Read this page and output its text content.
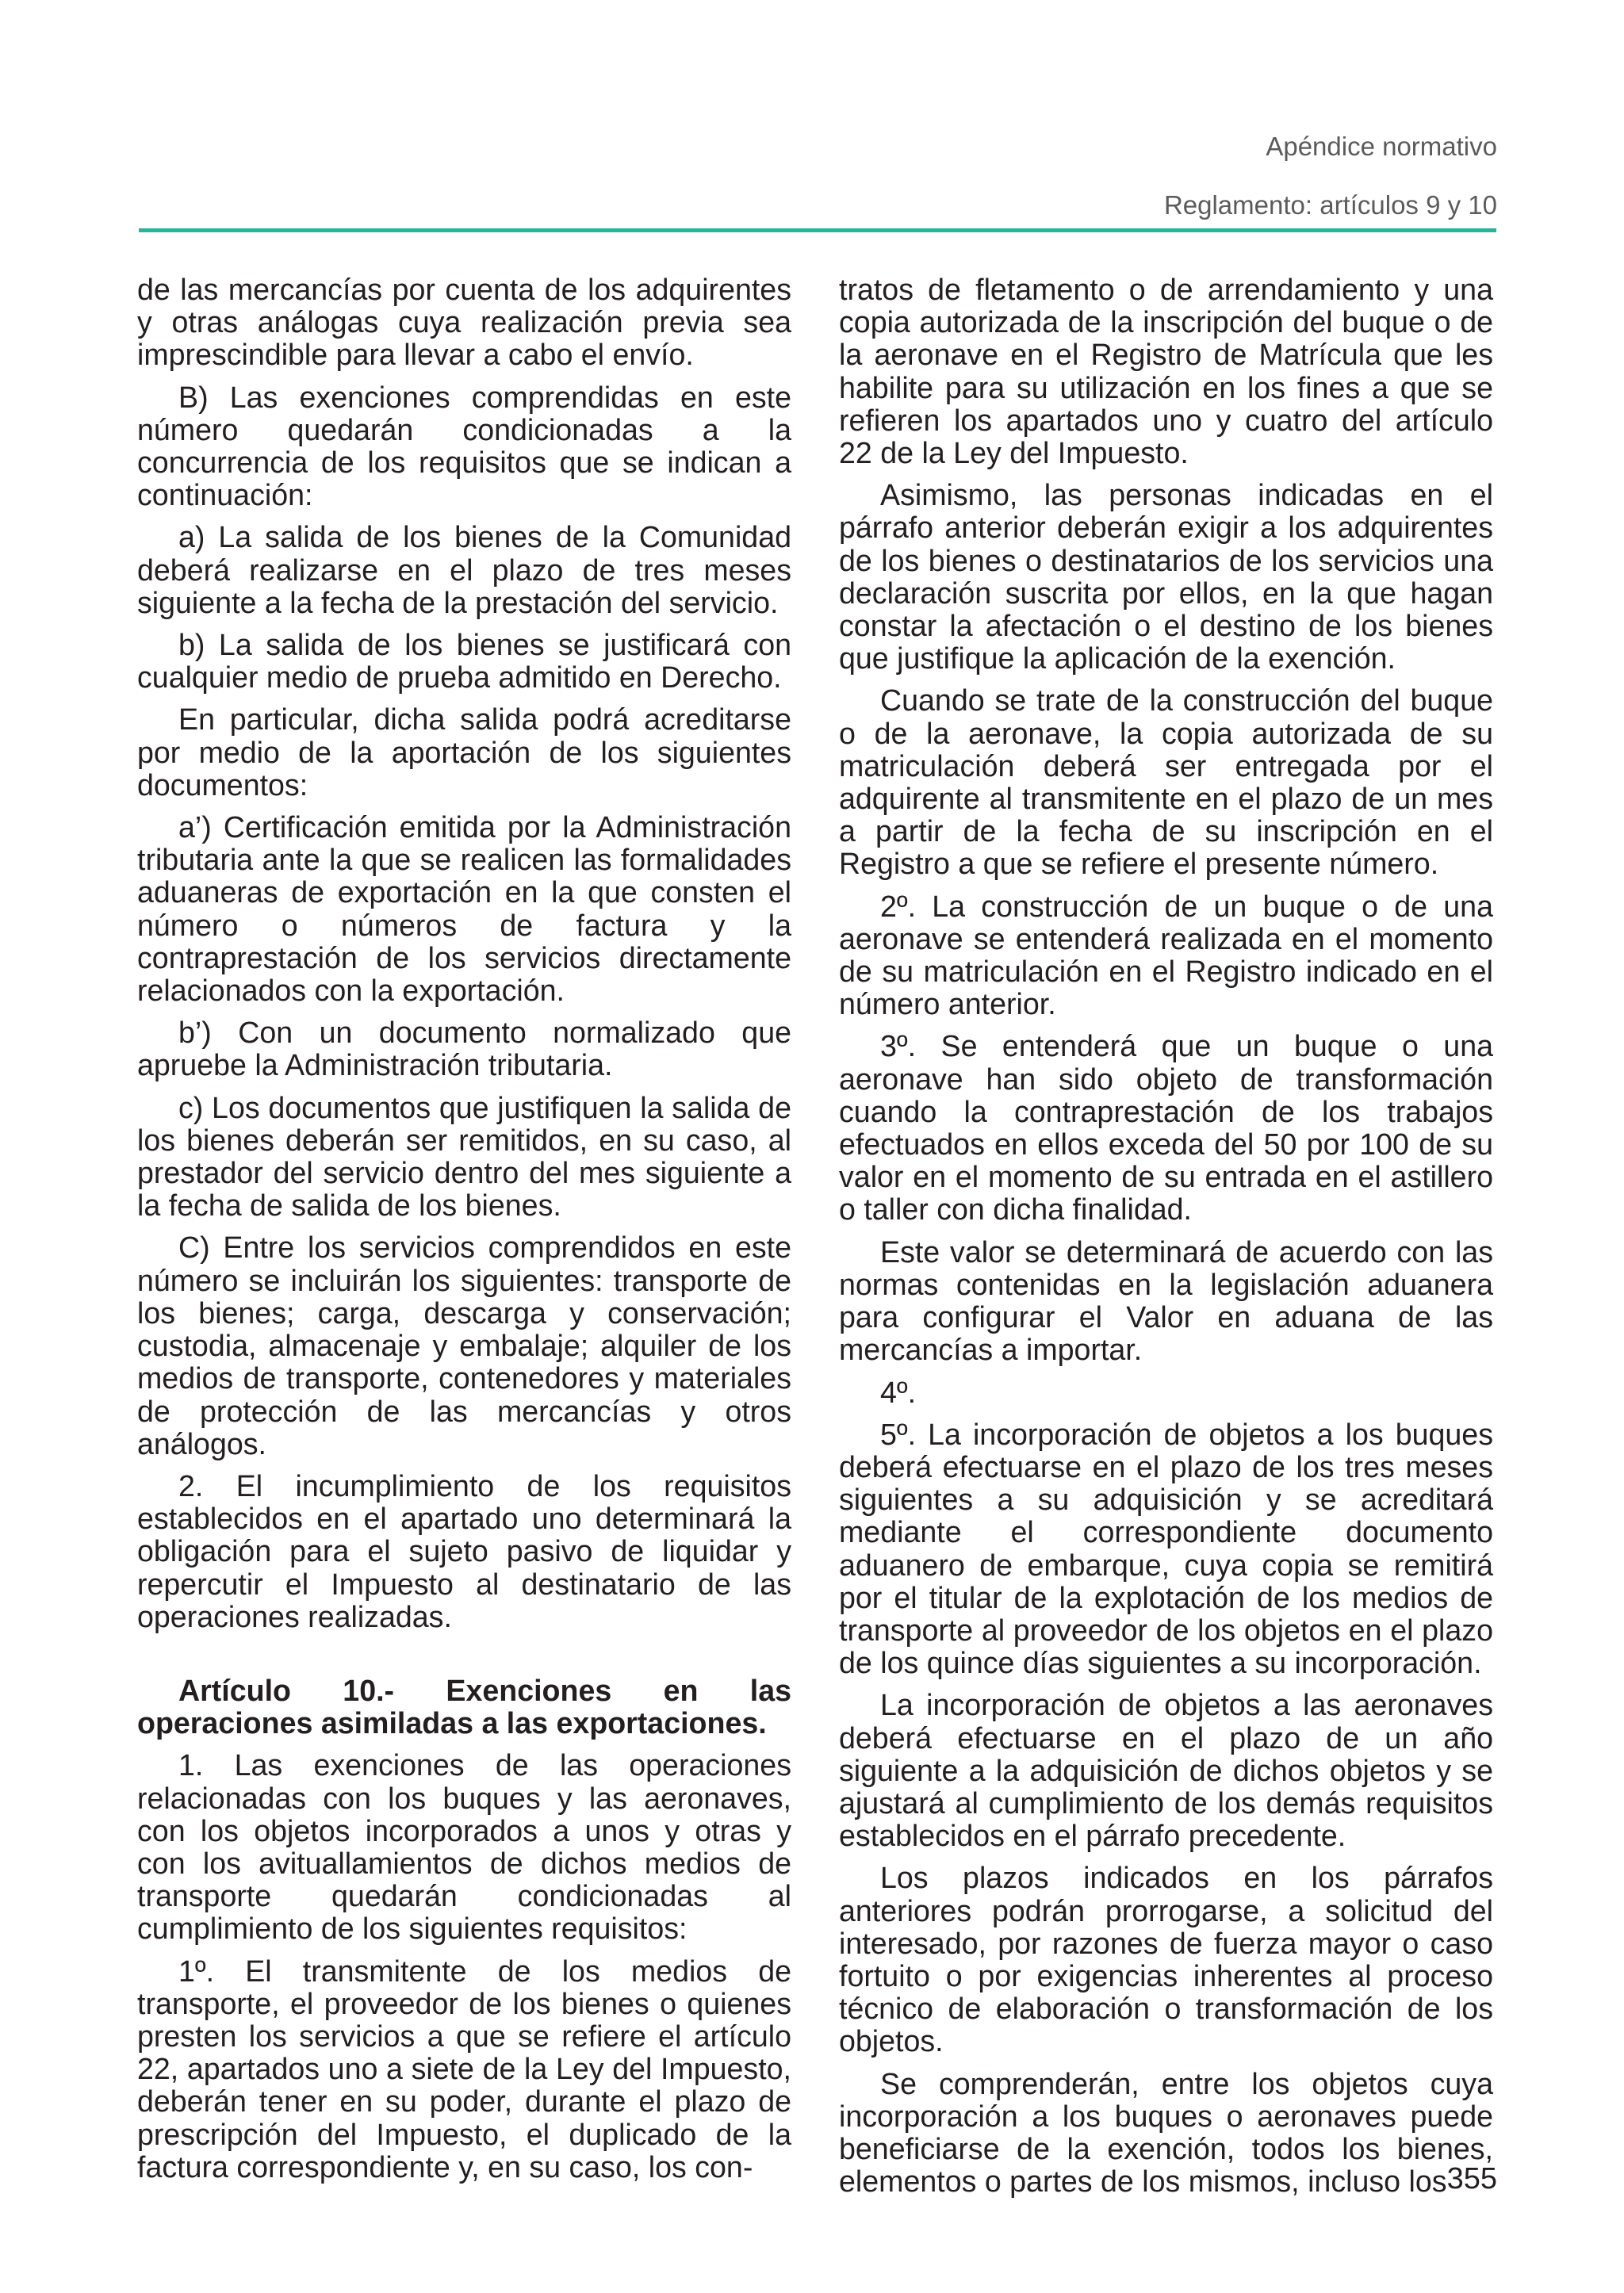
Apéndice normativo
Reglamento: artículos 9 y 10

de las mercancías por cuenta de los adquirentes y otras análogas cuya realización previa sea imprescindible para llevar a cabo el envío.

B) Las exenciones comprendidas en este número quedarán condicionadas a la concurrencia de los requisitos que se indican a continuación:

a) La salida de los bienes de la Comunidad deberá realizarse en el plazo de tres meses siguiente a la fecha de la prestación del servicio.

b) La salida de los bienes se justificará con cualquier medio de prueba admitido en Derecho.

En particular, dicha salida podrá acreditarse por medio de la aportación de los siguientes documentos:

a’) Certificación emitida por la Administración tributaria ante la que se realicen las formalidades aduaneras de exportación en la que consten el número o números de factura y la contraprestación de los servicios directamente relacionados con la exportación.

b’) Con un documento normalizado que apruebe la Administración tributaria.

c) Los documentos que justifiquen la salida de los bienes deberán ser remitidos, en su caso, al prestador del servicio dentro del mes siguiente a la fecha de salida de los bienes.

C) Entre los servicios comprendidos en este número se incluirán los siguientes: transporte de los bienes; carga, descarga y conservación; custodia, almacenaje y embalaje; alquiler de los medios de transporte, contenedores y materiales de protección de las mercancías y otros análogos.

2. El incumplimiento de los requisitos establecidos en el apartado uno determinará la obligación para el sujeto pasivo de liquidar y repercutir el Impuesto al destinatario de las operaciones realizadas.

Artículo 10.- Exenciones en las operaciones asimiladas a las exportaciones.

1. Las exenciones de las operaciones relacionadas con los buques y las aeronaves, con los objetos incorporados a unos y otras y con los avituallamientos de dichos medios de transporte quedarán condicionadas al cumplimiento de los siguientes requisitos:

1º. El transmitente de los medios de transporte, el proveedor de los bienes o quienes presten los servicios a que se refiere el artículo 22, apartados uno a siete de la Ley del Impuesto, deberán tener en su poder, durante el plazo de prescripción del Impuesto, el duplicado de la factura correspondiente y, en su caso, los con-

tratos de fletamento o de arrendamiento y una copia autorizada de la inscripción del buque o de la aeronave en el Registro de Matrícula que les habilite para su utilización en los fines a que se refieren los apartados uno y cuatro del artículo 22 de la Ley del Impuesto.

Asimismo, las personas indicadas en el párrafo anterior deberán exigir a los adquirentes de los bienes o destinatarios de los servicios una declaración suscrita por ellos, en la que hagan constar la afectación o el destino de los bienes que justifique la aplicación de la exención.

Cuando se trate de la construcción del buque o de la aeronave, la copia autorizada de su matriculación deberá ser entregada por el adquirente al transmitente en el plazo de un mes a partir de la fecha de su inscripción en el Registro a que se refiere el presente número.

2º. La construcción de un buque o de una aeronave se entenderá realizada en el momento de su matriculación en el Registro indicado en el número anterior.

3º. Se entenderá que un buque o una aeronave han sido objeto de transformación cuando la contraprestación de los trabajos efectuados en ellos exceda del 50 por 100 de su valor en el momento de su entrada en el astillero o taller con dicha finalidad.

Este valor se determinará de acuerdo con las normas contenidas en la legislación aduanera para configurar el Valor en aduana de las mercancías a importar.

4º.

5º. La incorporación de objetos a los buques deberá efectuarse en el plazo de los tres meses siguientes a su adquisición y se acreditará mediante el correspondiente documento aduanero de embarque, cuya copia se remitirá por el titular de la explotación de los medios de transporte al proveedor de los objetos en el plazo de los quince días siguientes a su incorporación.

La incorporación de objetos a las aeronaves deberá efectuarse en el plazo de un año siguiente a la adquisición de dichos objetos y se ajustará al cumplimiento de los demás requisitos establecidos en el párrafo precedente.

Los plazos indicados en los párrafos anteriores podrán prorrogarse, a solicitud del interesado, por razones de fuerza mayor o caso fortuito o por exigencias inherentes al proceso técnico de elaboración o transformación de los objetos.

Se comprenderán, entre los objetos cuya incorporación a los buques o aeronaves puede beneficiarse de la exención, todos los bienes, elementos o partes de los mismos, incluso los 355
